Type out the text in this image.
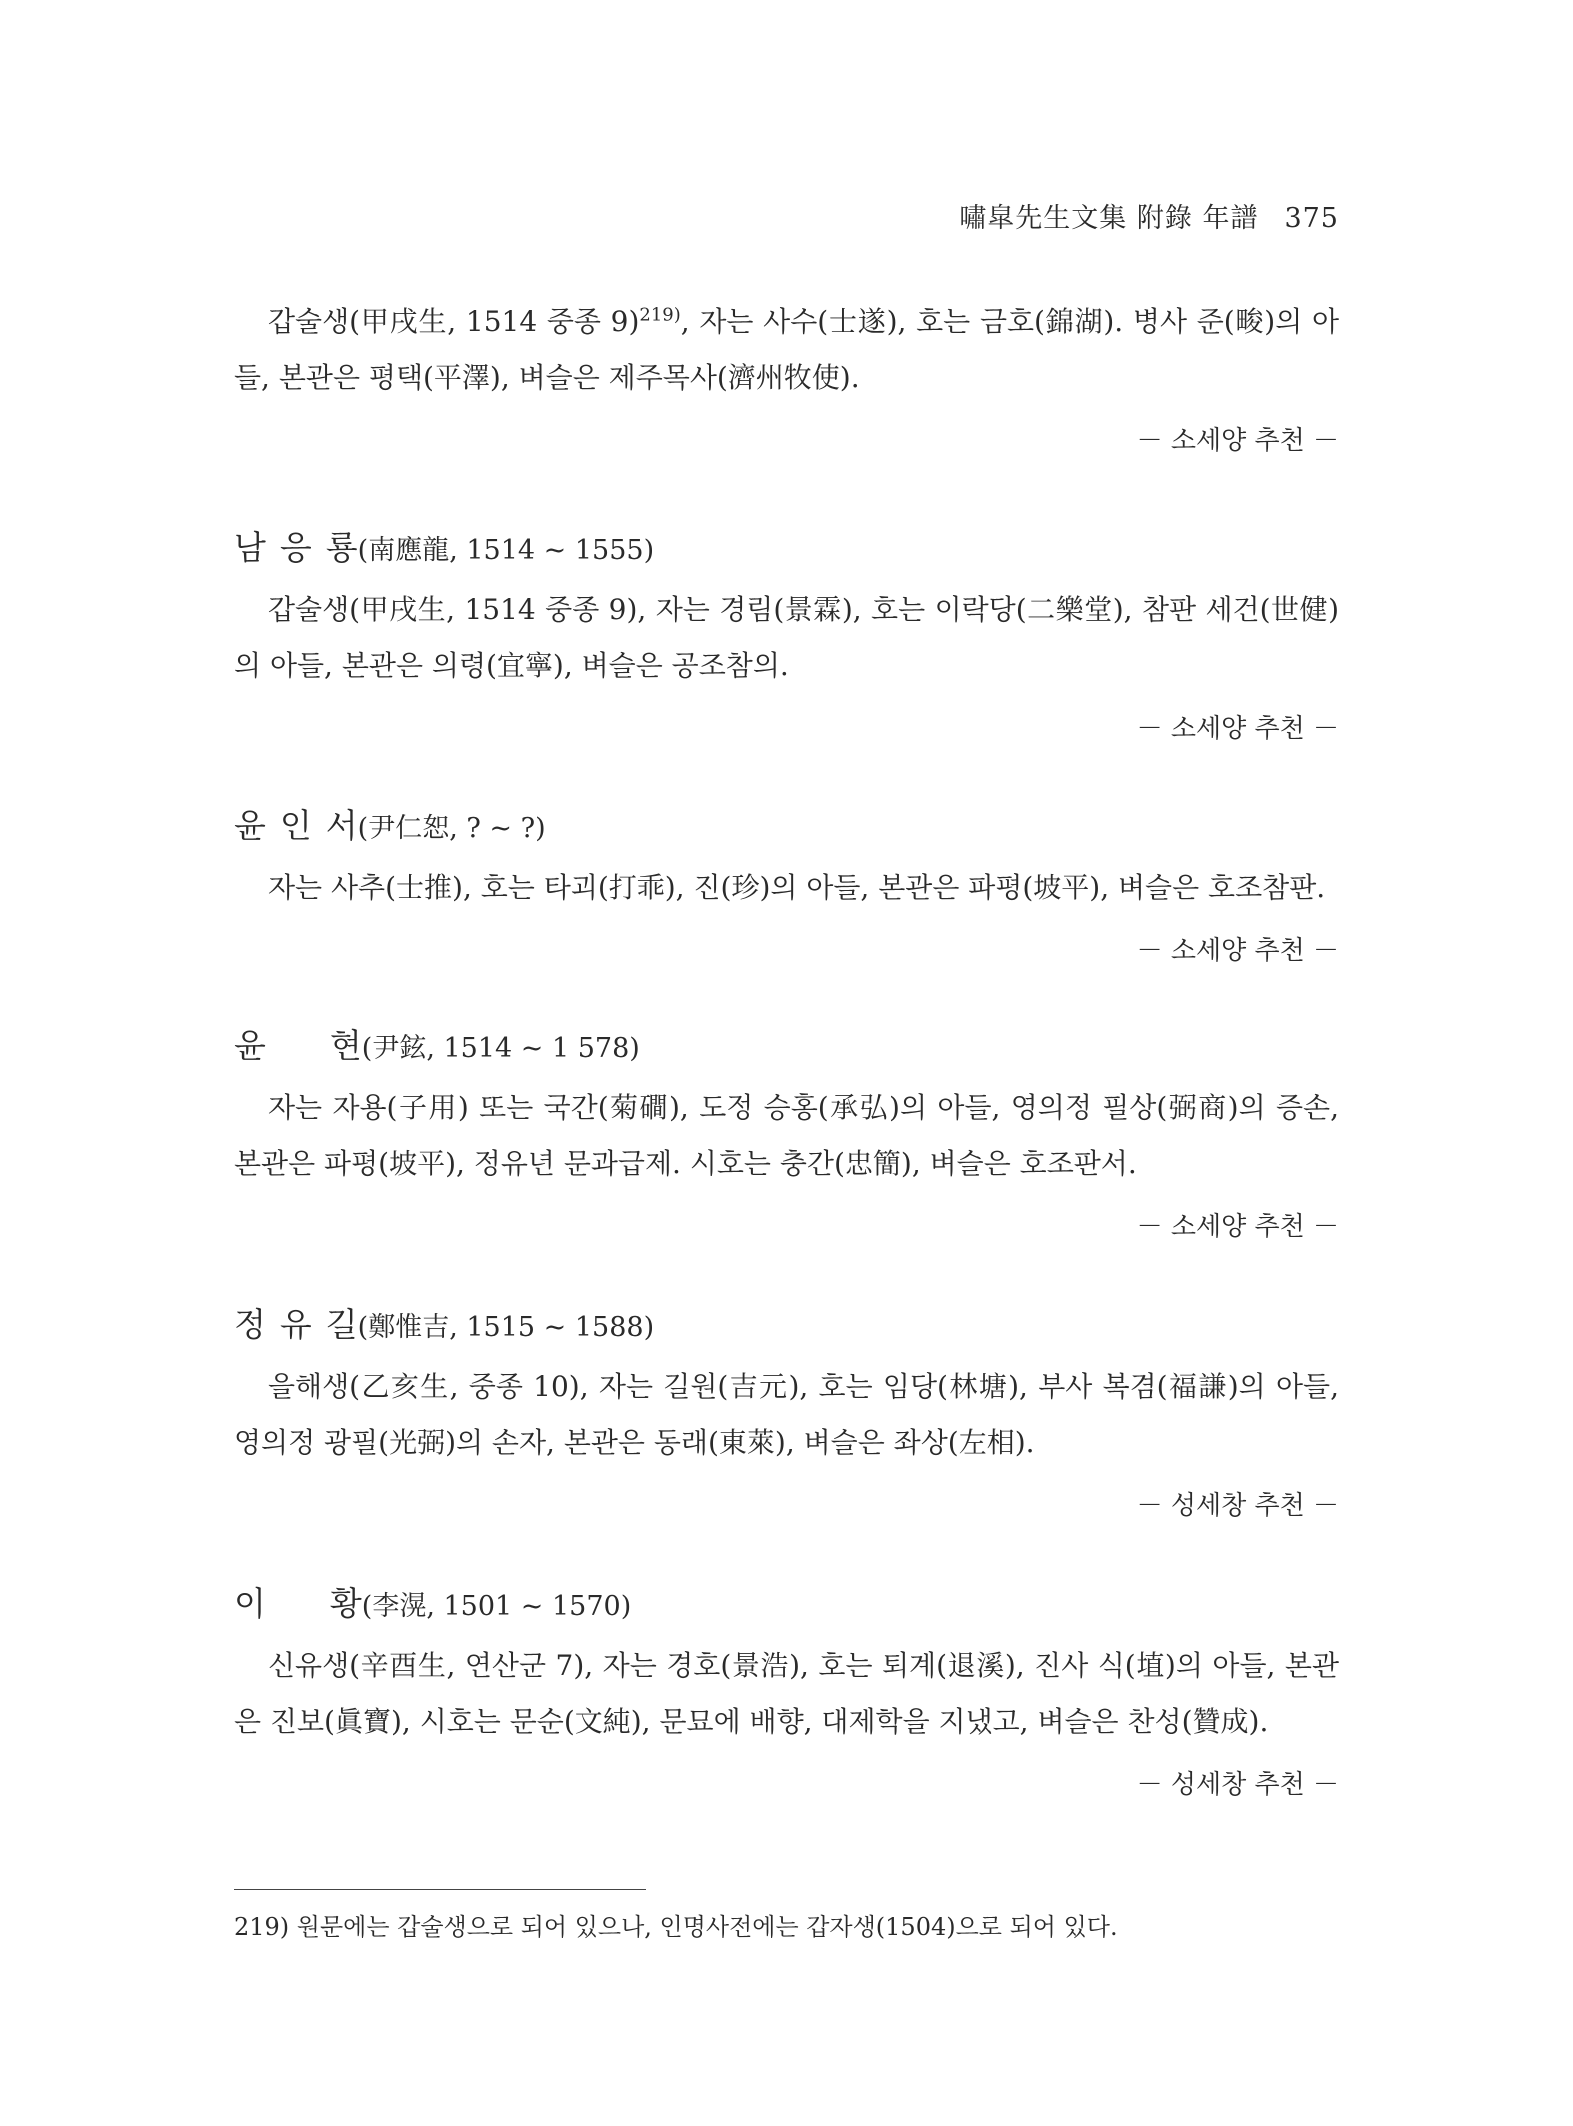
嘯皐先生文集 附錄 年譜 375
갑술생(甲戌生, 1514 중종 9)$^{219)}$, 자는 사수(士遂), 호는 금호(錦湖). 병사 준(畯)의 아들, 본관은 평택(平澤), 벼슬은 제주목사(濟州牧使).
－ 소세양 추천 －
남 응 룡(南應龍, 1514 ~ 1555)
갑술생(甲戌生, 1514 중종 9), 자는 경림(景霖), 호는 이락당(二樂堂), 참판 세건(世健)의 아들, 본관은 의령(宜寧), 벼슬은 공조참의.
－ 소세양 추천 －
윤 인 서(尹仁恕, ? ~ ?)
자는 사추(士推), 호는 타괴(打乖), 진(珍)의 아들, 본관은 파평(坡平), 벼슬은 호조참판.
－ 소세양 추천 －
윤 현(尹鉉, 1514 ~ 1 578)
자는 자용(子用) 또는 국간(菊磵), 도정 승홍(承弘)의 아들, 영의정 필상(弼商)의 증손, 본관은 파평(坡平), 정유년 문과급제. 시호는 충간(忠簡), 벼슬은 호조판서.
－ 소세양 추천 －
정 유 길(鄭惟吉, 1515 ~ 1588)
을해생(乙亥生, 중종 10), 자는 길원(吉元), 호는 임당(林塘), 부사 복겸(福謙)의 아들, 영의정 광필(光弼)의 손자, 본관은 동래(東萊), 벼슬은 좌상(左相).
－ 성세창 추천 －
이 황(李滉, 1501 ~ 1570)
신유생(辛酉生, 연산군 7), 자는 경호(景浩), 호는 퇴계(退溪), 진사 식(埴)의 아들, 본관은 진보(眞寶), 시호는 문순(文純), 문묘에 배향, 대제학을 지냈고, 벼슬은 찬성(贊成).
－ 성세창 추천 －
219) 원문에는 갑술생으로 되어 있으나, 인명사전에는 갑자생(1504)으로 되어 있다.
